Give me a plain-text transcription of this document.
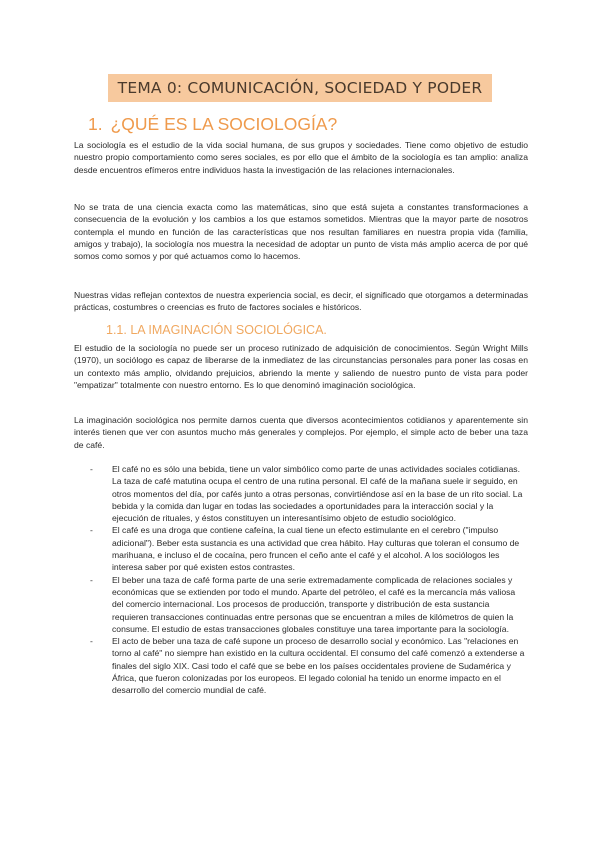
TEMA 0: COMUNICACIÓN, SOCIEDAD Y PODER
1. ¿QUÉ ES LA SOCIOLOGÍA?

La sociología es el estudio de la vida social humana, de sus grupos y sociedades. Tiene como objetivo de estudio nuestro propio comportamiento como seres sociales, es por ello que el ámbito de la sociología es tan amplio: analiza desde encuentros efímeros entre individuos hasta la investigación de las relaciones internacionales.

No se trata de una ciencia exacta como las matemáticas, sino que está sujeta a constantes transformaciones a consecuencia de la evolución y los cambios a los que estamos sometidos. Mientras que la mayor parte de nosotros contempla el mundo en función de las características que nos resultan familiares en nuestra propia vida (familia, amigos y trabajo), la sociología nos muestra la necesidad de adoptar un punto de vista más amplio acerca de por qué somos como somos y por qué actuamos como lo hacemos.

Nuestras vidas reflejan contextos de nuestra experiencia social, es decir, el significado que otorgamos a determinadas prácticas, costumbres o creencias es fruto de factores sociales e históricos.

1.1. LA IMAGINACIÓN SOCIOLÓGICA.

El estudio de la sociología no puede ser un proceso rutinizado de adquisición de conocimientos. Según Wright Mills (1970), un sociólogo es capaz de liberarse de la inmediatez de las circunstancias personales para poner las cosas en un contexto más amplio, olvidando prejuicios, abriendo la mente y saliendo de nuestro punto de vista para poder "empatizar" totalmente con nuestro entorno. Es lo que denominó imaginación sociológica.

La imaginación sociológica nos permite darnos cuenta que diversos acontecimientos cotidianos y aparentemente sin interés tienen que ver con asuntos mucho más generales y complejos. Por ejemplo, el simple acto de beber una taza de café.

- El café no es sólo una bebida, tiene un valor simbólico como parte de unas actividades sociales cotidianas. La taza de café matutina ocupa el centro de una rutina personal. El café de la mañana suele ir seguido, en otros momentos del día, por cafés junto a otras personas, convirtiéndose así en la base de un rito social. La bebida y la comida dan lugar en todas las sociedades a oportunidades para la interacción social y la ejecución de rituales, y éstos constituyen un interesantísimo objeto de estudio sociológico.
- El café es una droga que contiene cafeína, la cual tiene un efecto estimulante en el cerebro ("impulso adicional"). Beber esta sustancia es una actividad que crea hábito. Hay culturas que toleran el consumo de marihuana, e incluso el de cocaína, pero fruncen el ceño ante el café y el alcohol. A los sociólogos les interesa saber por qué existen estos contrastes.
- El beber una taza de café forma parte de una serie extremadamente complicada de relaciones sociales y económicas que se extienden por todo el mundo. Aparte del petróleo, el café es la mercancía más valiosa del comercio internacional. Los procesos de producción, transporte y distribución de esta sustancia requieren transacciones continuadas entre personas que se encuentran a miles de kilómetros de quien la consume. El estudio de estas transacciones globales constituye una tarea importante para la sociología.
- El acto de beber una taza de café supone un proceso de desarrollo social y económico. Las "relaciones en torno al café" no siempre han existido en la cultura occidental. El consumo del café comenzó a extenderse a finales del siglo XIX. Casi todo el café que se bebe en los países occidentales proviene de Sudamérica y África, que fueron colonizadas por los europeos. El legado colonial ha tenido un enorme impacto en el desarrollo del comercio mundial de café.
